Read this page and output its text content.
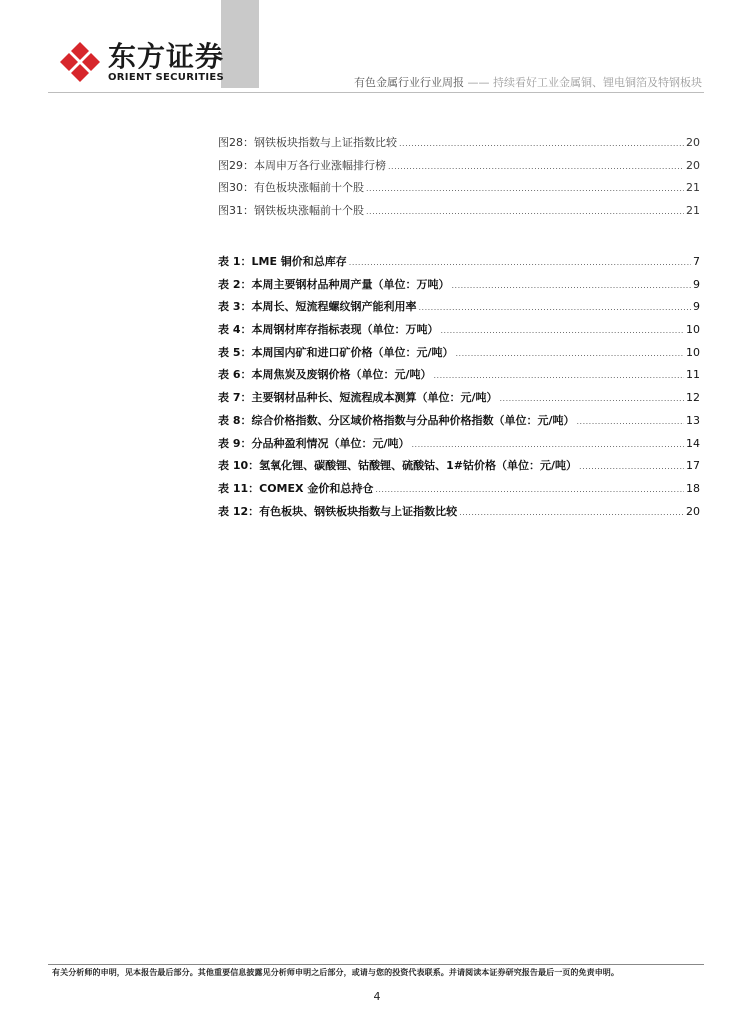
东方证券
ORIENT SECURITIES	有色金属行业行业周报 —— 持续看好工业金属铜、锂电铜箔及特钢板块
图28：钢铁板块指数与上证指数比较 .....	20
图29：本周申万各行业涨幅排行榜 .....	20
图30：有色板块涨幅前十个股 .....	21
图31：钢铁板块涨幅前十个股 .....	21
表 1：LME 铜价和总库存 .....	7
表 2：本周主要钢材品种周产量（单位：万吨） .....	9
表 3：本周长、短流程螺纹钢产能利用率 .....	9
表 4：本周钢材库存指标表现（单位：万吨） .....	10
表 5：本周国内矿和进口矿价格（单位：元/吨） .....	10
表 6：本周焦炭及废钢价格（单位：元/吨） .....	11
表 7：主要钢材品种长、短流程成本测算（单位：元/吨） .....	12
表 8：综合价格指数、分区域价格指数与分品种价格指数（单位：元/吨） .....	13
表 9：分品种盈利情况（单位：元/吨） .....	14
表 10：氢氧化锂、碳酸锂、钴酸锂、硫酸钴、1#钴价格（单位：元/吨） .....	17
表 11：COMEX 金价和总持仓 .....	18
表 12：有色板块、钢铁板块指数与上证指数比较 .....	20
有关分析师的申明，见本报告最后部分。其他重要信息披露见分析师申明之后部分，或请与您的投资代表联系。并请阅读本证券研究报告最后一页的免责申明。
4
